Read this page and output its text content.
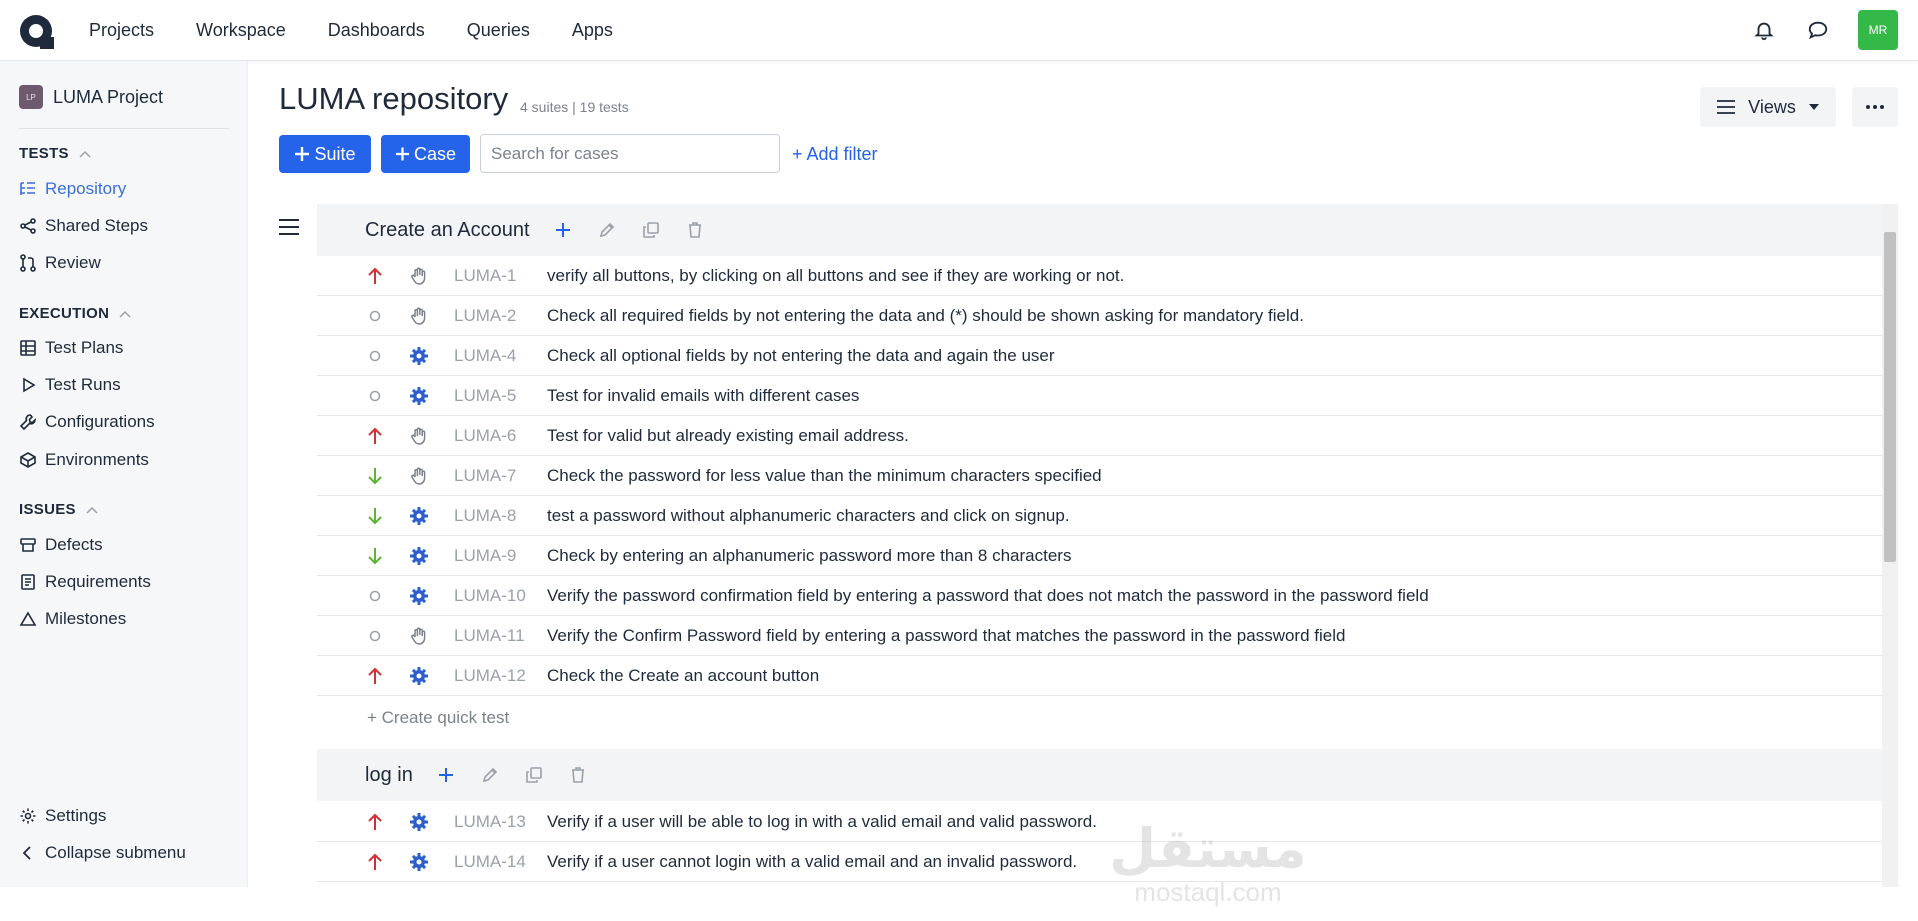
Projects Workspace Dashboards Queries Apps	MR
LP LUMA Project
TESTS
Repository
Shared Steps
Review
EXECUTION
Test Plans
Test Runs
Configurations
Environments
ISSUES
Defects
Requirements
Milestones
Settings
Collapse submenu
LUMA repository 4 suites | 19 tests	Views
Suite	Case
Search for cases	+ Add filter
Create an Account
LUMA-1 verify all buttons, by clicking on all buttons and see if they are working or not.
LUMA-2 Check all required fields by not entering the data and (*) should be shown asking for mandatory field.
LUMA-4 Check all optional fields by not entering the data and again the user
LUMA-5 Test for invalid emails with different cases
LUMA-6 Test for valid but already existing email address.
LUMA-7 Check the password for less value than the minimum characters specified
LUMA-8 test a password without alphanumeric characters and click on signup.
LUMA-9 Check by entering an alphanumeric password more than 8 characters
LUMA-10 Verify the password confirmation field by entering a password that does not match the password in the password field
LUMA-11 Verify the Confirm Password field by entering a password that matches the password in the password field
LUMA-12 Check the Create an account button
+ Create quick test
log in
LUMA-13 Verify if a user will be able to log in with a valid email and valid password.
LUMA-14 Verify if a user cannot login with a valid email and an invalid password. مستقل
mostaql.com
